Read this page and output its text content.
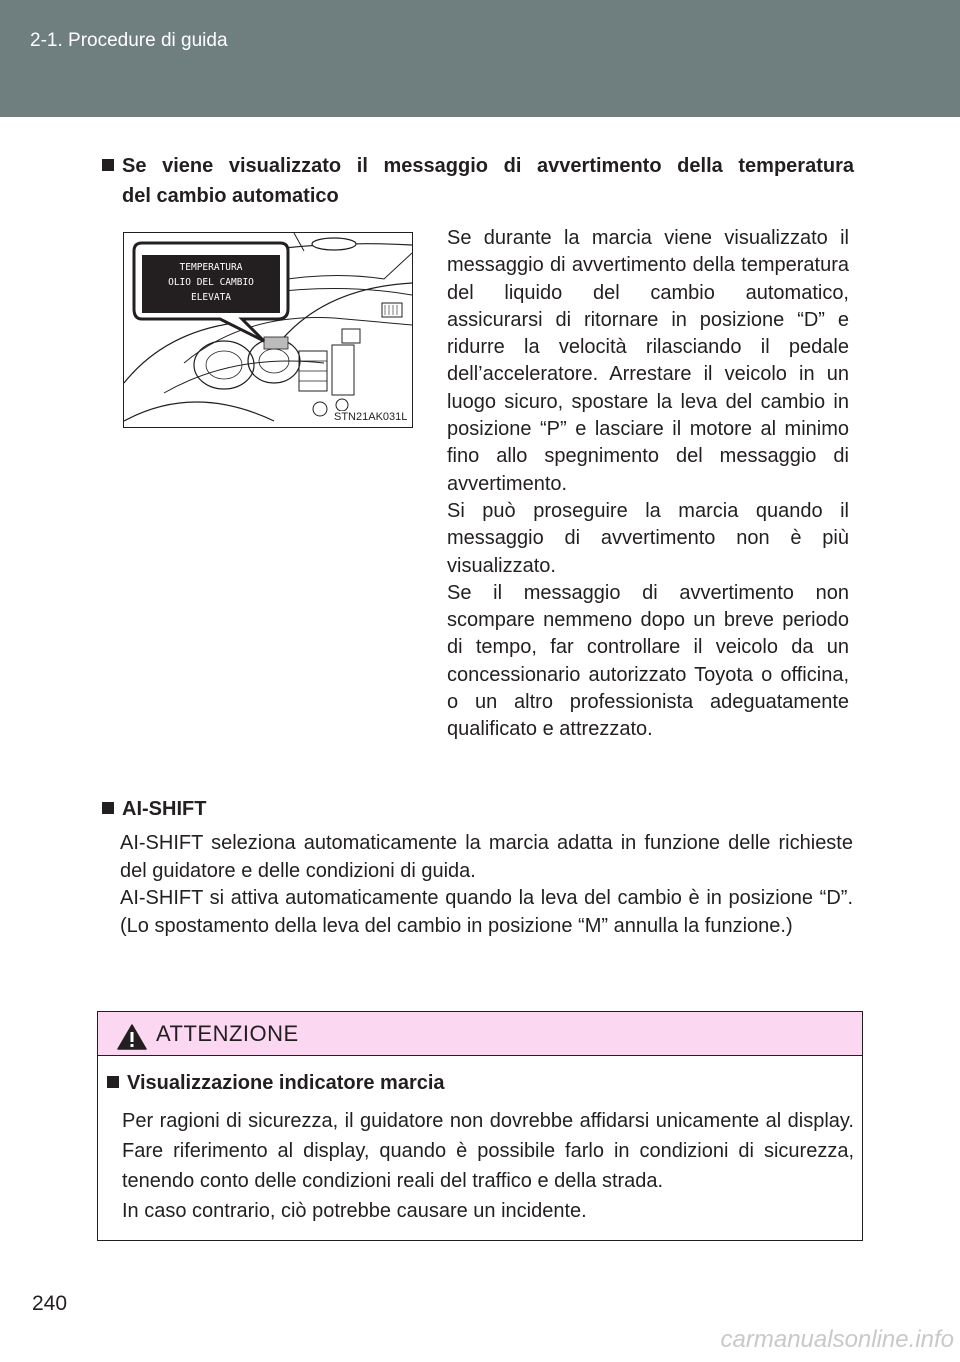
2-1. Procedure di guida
Se viene visualizzato il messaggio di avvertimento della temperatura
del cambio automatico
TEMPERATURA
OLIO DEL CAMBIO
ELEVATA
STN21AK031L

Se durante la marcia viene visualizzato il messaggio di avvertimento della temperatura del liquido del cambio automatico, assicurarsi di ritornare in posizione “D” e ridurre la velocità rilasciando il pedale dell’acceleratore. Arrestare il veicolo in un luogo sicuro, spostare la leva del cambio in posizione “P” e lasciare il motore al minimo fino allo spegnimento del messaggio di avvertimento.

Si può proseguire la marcia quando il messaggio di avvertimento non è più visualizzato.

Se il messaggio di avvertimento non scompare nemmeno dopo un breve periodo di tempo, far controllare il veicolo da un concessionario autorizzato Toyota o officina, o un altro professionista adeguatamente qualificato e attrezzato.

AI-SHIFT

AI-SHIFT seleziona automaticamente la marcia adatta in funzione delle richieste del guidatore e delle condizioni di guida.

AI-SHIFT si attiva automaticamente quando la leva del cambio è in posizione “D”. (Lo spostamento della leva del cambio in posizione “M” annulla la funzione.)

ATTENZIONE
Visualizzazione indicatore marcia

Per ragioni di sicurezza, il guidatore non dovrebbe affidarsi unicamente al display. Fare riferimento al display, quando è possibile farlo in condizioni di sicurezza, tenendo conto delle condizioni reali del traffico e della strada.

In caso contrario, ciò potrebbe causare un incidente.

240
carmanualsonline.info
